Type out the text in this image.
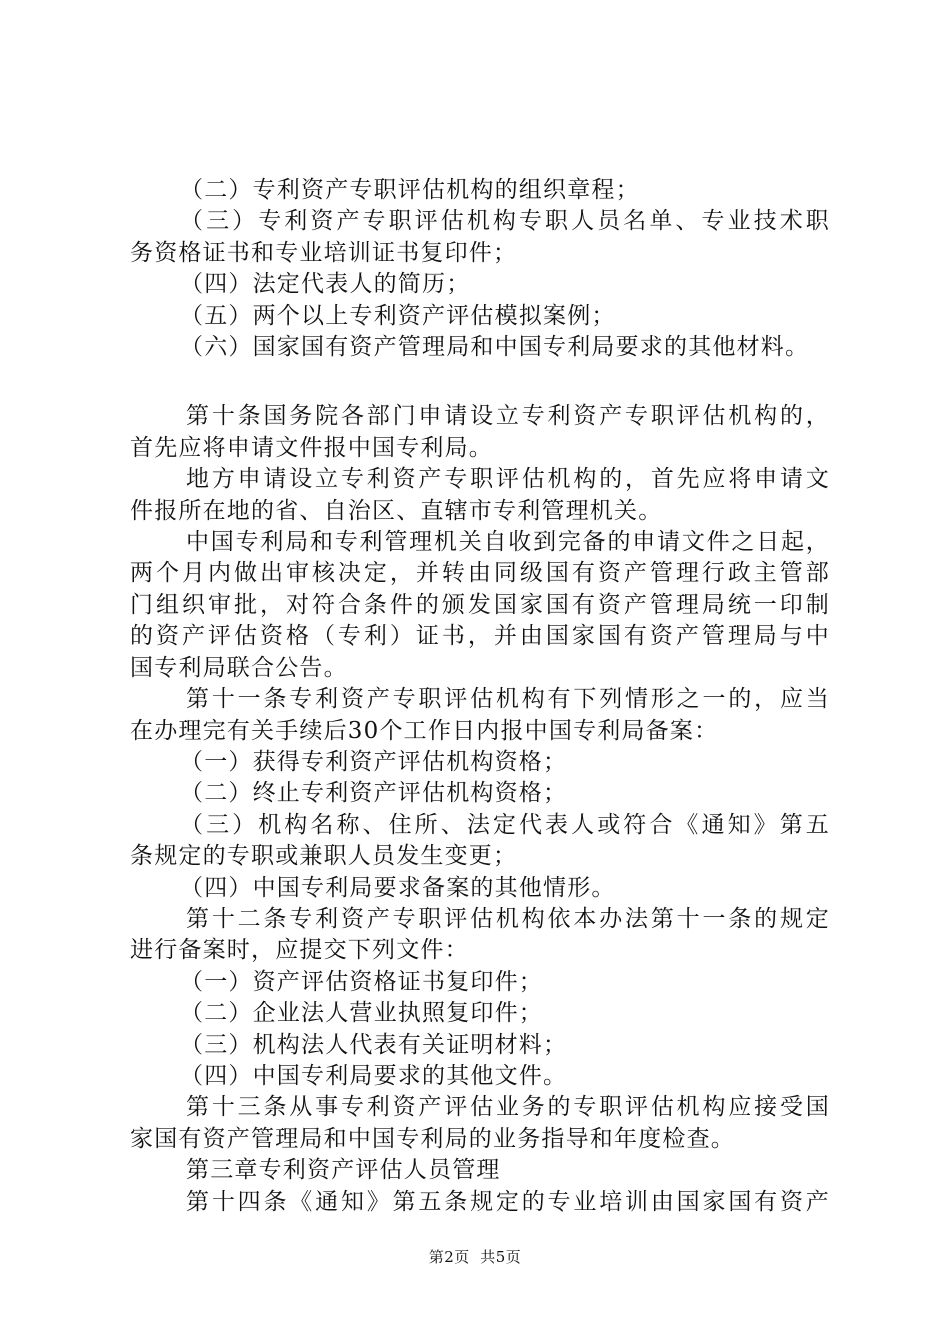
（二）专利资产专职评估机构的组织章程；
（三）专利资产专职评估机构专职人员名单、专业技术职
务资格证书和专业培训证书复印件；
（四）法定代表人的简历；
（五）两个以上专利资产评估模拟案例；
（六）国家国有资产管理局和中国专利局要求的其他材料。
第十条国务院各部门申请设立专利资产专职评估机构的，
首先应将申请文件报中国专利局。
地方申请设立专利资产专职评估机构的，首先应将申请文
件报所在地的省、自治区、直辖市专利管理机关。
中国专利局和专利管理机关自收到完备的申请文件之日起，
两个月内做出审核决定，并转由同级国有资产管理行政主管部
门组织审批，对符合条件的颁发国家国有资产管理局统一印制
的资产评估资格（专利）证书，并由国家国有资产管理局与中
国专利局联合公告。
第十一条专利资产专职评估机构有下列情形之一的，应当
在办理完有关手续后30个工作日内报中国专利局备案：
（一）获得专利资产评估机构资格；
（二）终止专利资产评估机构资格；
（三）机构名称、住所、法定代表人或符合《通知》第五
条规定的专职或兼职人员发生变更；
（四）中国专利局要求备案的其他情形。
第十二条专利资产专职评估机构依本办法第十一条的规定
进行备案时，应提交下列文件：
（一）资产评估资格证书复印件；
（二）企业法人营业执照复印件；
（三）机构法人代表有关证明材料；
（四）中国专利局要求的其他文件。
第十三条从事专利资产评估业务的专职评估机构应接受国
家国有资产管理局和中国专利局的业务指导和年度检查。
第三章专利资产评估人员管理
第十四条《通知》第五条规定的专业培训由国家国有资产
第2页  共5页
